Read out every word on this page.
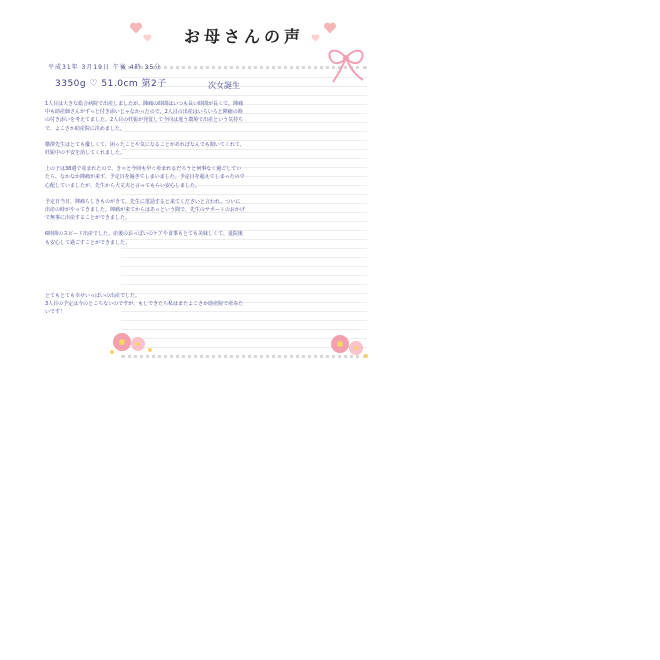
お母さんの声
平成31年 3月19日 午後 4時 35分
3350g ♡ 51.0cm 第2子	次女誕生

1人目は大きな総合病院で出産しましたが、陣痛の時間はいつも長い時間が長くて、陣痛中も助産師さんがずっと付き添いじゃなかったので、2人目の出産はいろいろと陣痛の時の付き添いを考えてました。2人目の妊娠が発覚して今回は違う環境で出産という気持ちで、よこさか助産院に決めました。

横澤先生はとても優しくて、困ったことや気になることがあればなんでも聞いてくれて、妊娠中の不安を消してくれました。

上の子は38週で産まれたので、きっと今回も早く産まれるだろうと何事なく過ごしていたら、なかなか陣痛が来ず、予定日を過ぎてしまいました。予定日を超えてしまったので心配していましたが、先生から大丈夫と言ってもらい安心しました。

予定日当日、陣痛らしきものがきて、先生に電話すると来てくださいと言われ、ついに出産の時がやってきました。陣痛が来てからはあっという間で、先生のサポートのおかげで無事に出産することができました。

6時間のスピード出産でした。産後のおっぱいのケアや食事もとても美味しくて、退院後も安心して過ごすことができました。

とてもとても幸せいっぱいの出産でした。
3人目の予定は今のところないのですが、もしできたら私はまたよこさか助産院で産みたいです！
